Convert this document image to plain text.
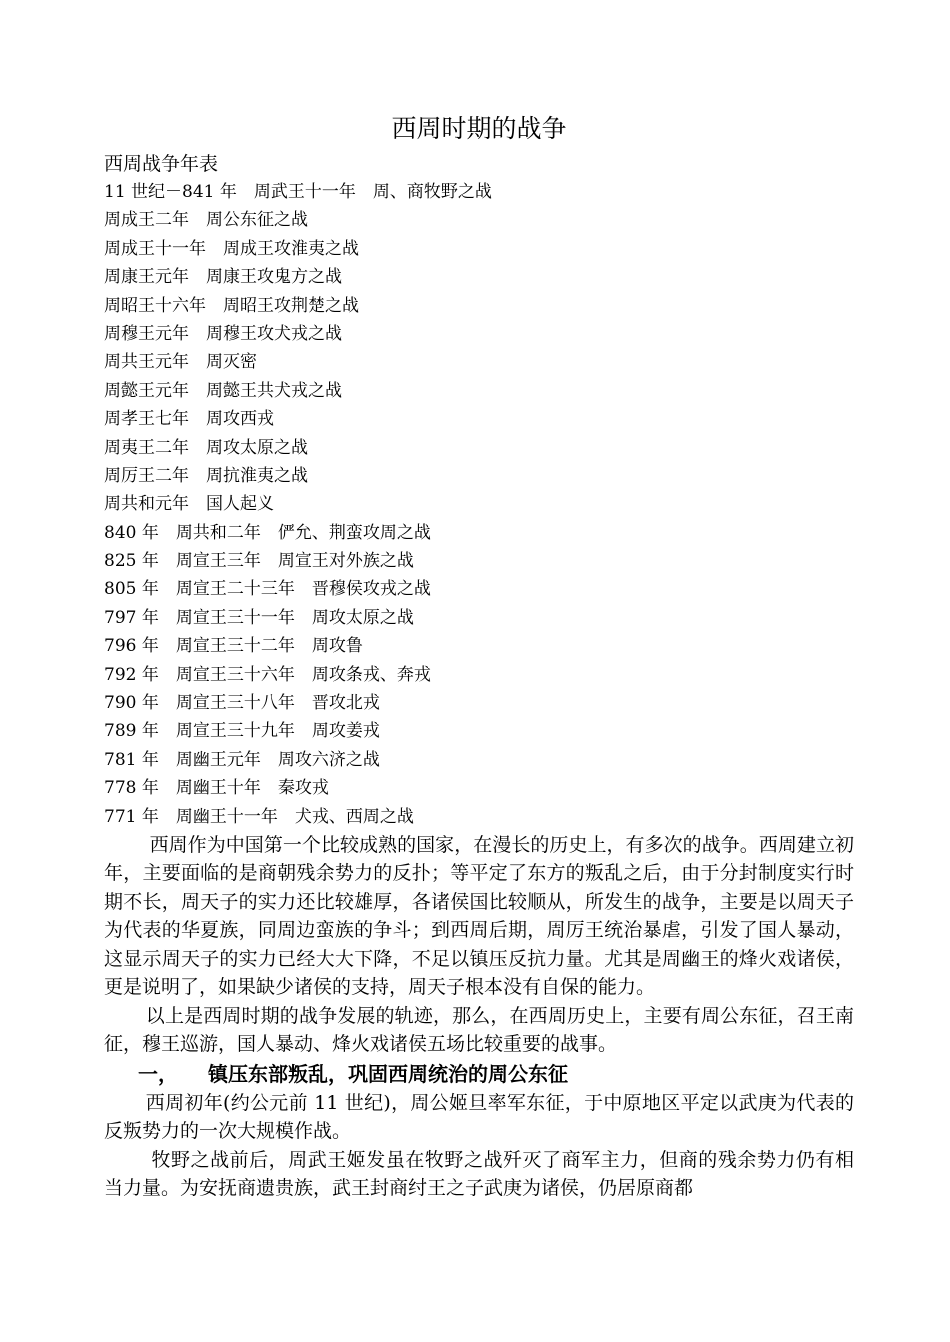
西周时期的战争

西周战争年表

11 世纪－841 年　周武王十一年　周、商牧野之战
周成王二年　周公东征之战
周成王十一年　周成王攻淮夷之战
周康王元年　周康王攻鬼方之战
周昭王十六年　周昭王攻荆楚之战
周穆王元年　周穆王攻犬戎之战
周共王元年　周灭密
周懿王元年　周懿王共犬戎之战
周孝王七年　周攻西戎
周夷王二年　周攻太原之战
周厉王二年　周抗淮夷之战
周共和元年　国人起义
840 年　周共和二年　俨允、荆蛮攻周之战
825 年　周宣王三年　周宣王对外族之战
805 年　周宣王二十三年　晋穆侯攻戎之战
797 年　周宣王三十一年　周攻太原之战
796 年　周宣王三十二年　周攻鲁
792 年　周宣王三十六年　周攻条戎、奔戎
790 年　周宣王三十八年　晋攻北戎
789 年　周宣王三十九年　周攻姜戎
781 年　周幽王元年　周攻六济之战
778 年　周幽王十年　秦攻戎
771 年　周幽王十一年　犬戎、西周之战

西周作为中国第一个比较成熟的国家，在漫长的历史上，有多次的战争。西周建立初年，主要面临的是商朝残余势力的反扑；等平定了东方的叛乱之后，由于分封制度实行时期不长，周天子的实力还比较雄厚，各诸侯国比较顺从，所发生的战争，主要是以周天子为代表的华夏族，同周边蛮族的争斗；到西周后期，周厉王统治暴虐，引发了国人暴动，这显示周天子的实力已经大大下降，不足以镇压反抗力量。尤其是周幽王的烽火戏诸侯，更是说明了，如果缺少诸侯的支持，周天子根本没有自保的能力。

以上是西周时期的战争发展的轨迹，那么，在西周历史上，主要有周公东征，召王南征，穆王巡游，国人暴动、烽火戏诸侯五场比较重要的战事。

一，　　镇压东部叛乱，巩固西周统治的周公东征

西周初年(约公元前 11 世纪)，周公姬旦率军东征，于中原地区平定以武庚为代表的反叛势力的一次大规模作战。

牧野之战前后，周武王姬发虽在牧野之战歼灭了商军主力，但商的残余势力仍有相当力量。为安抚商遗贵族，武王封商纣王之子武庚为诸侯，仍居原商都
